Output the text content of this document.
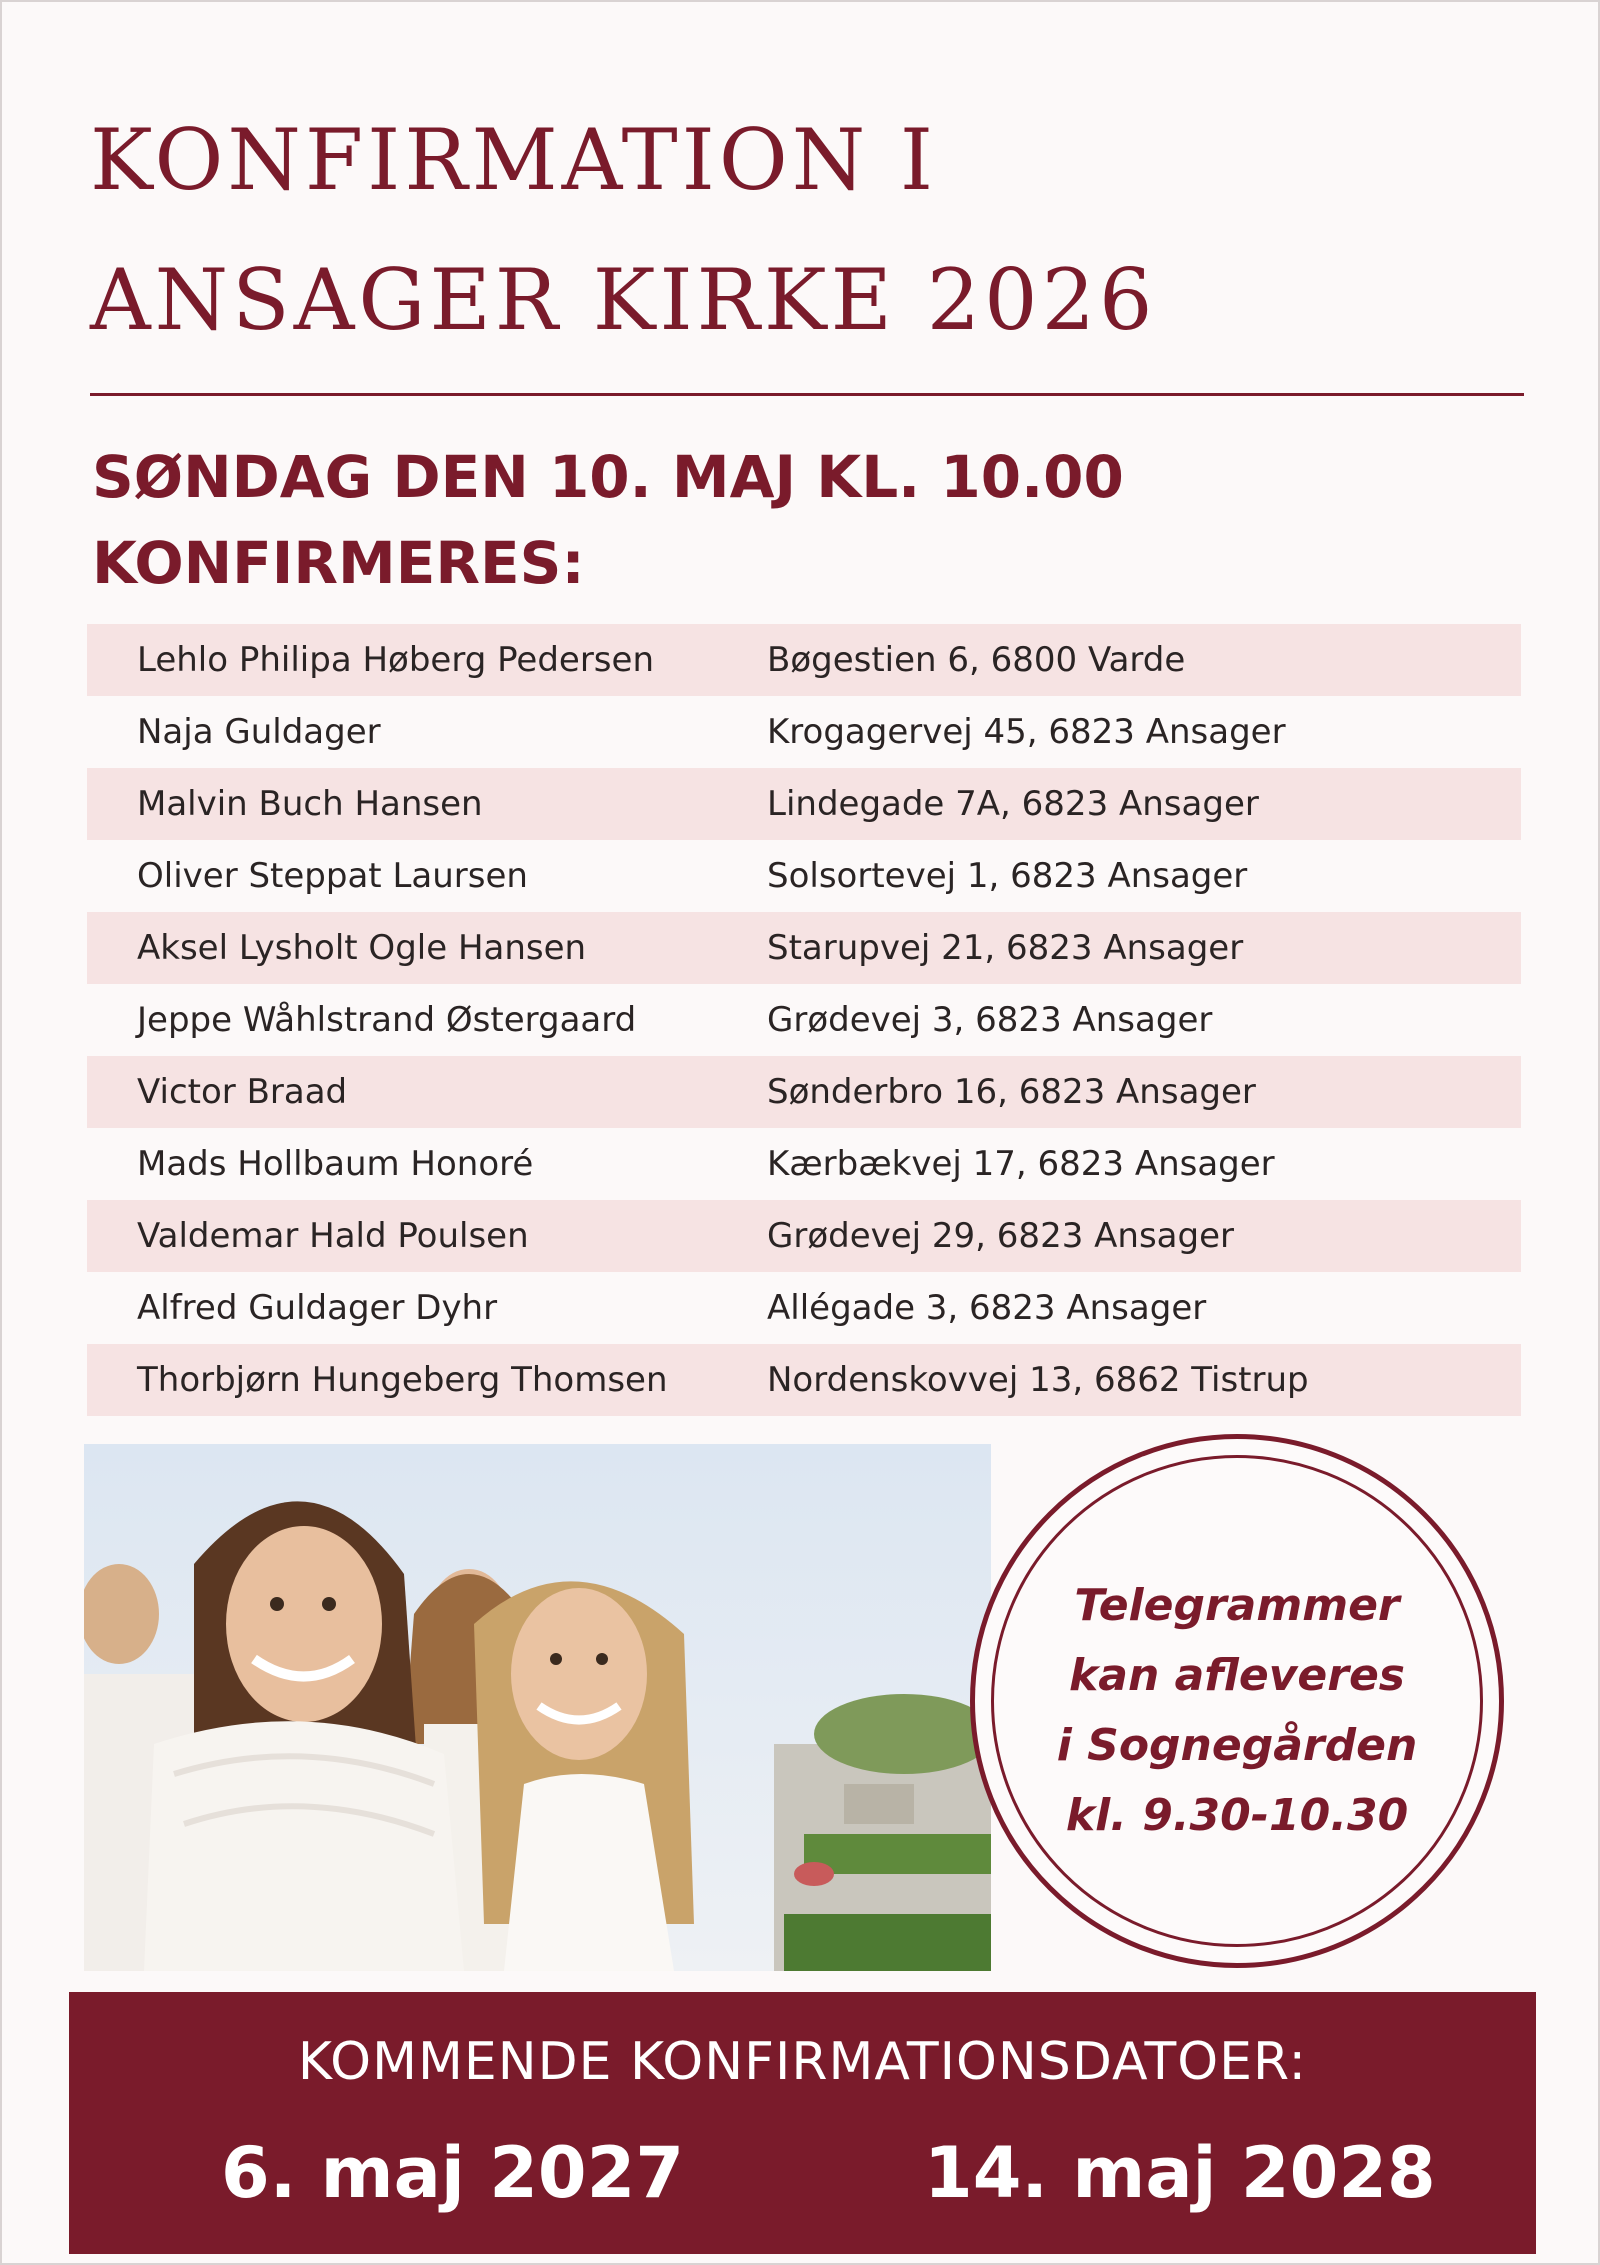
KONFIRMATION I
ANSAGER KIRKE 2026

SØNDAG DEN 10. MAJ KL. 10.00

KONFIRMERES:

Lehlo Philipa Høberg Pedersen	Bøgestien 6, 6800 Varde
Naja Guldager	Krogagervej 45, 6823 Ansager
Malvin Buch Hansen	Lindegade 7A, 6823 Ansager
Oliver Steppat Laursen	Solsortevej 1, 6823 Ansager
Aksel Lysholt Ogle Hansen	Starupvej 21, 6823 Ansager
Jeppe Wåhlstrand Østergaard	Grødevej 3, 6823 Ansager
Victor Braad	Sønderbro 16, 6823 Ansager
Mads Hollbaum Honoré	Kærbækvej 17, 6823 Ansager
Valdemar Hald Poulsen	Grødevej 29, 6823 Ansager
Alfred Guldager Dyhr	Allégade 3, 6823 Ansager
Thorbjørn Hungeberg Thomsen	Nordenskovvej 13, 6862 Tistrup
Telegrammer
kan afleveres
i Sognegården
kl. 9.30-10.30
KOMMENDE KONFIRMATIONSDATOER:
6. maj 2027	14. maj 2028
